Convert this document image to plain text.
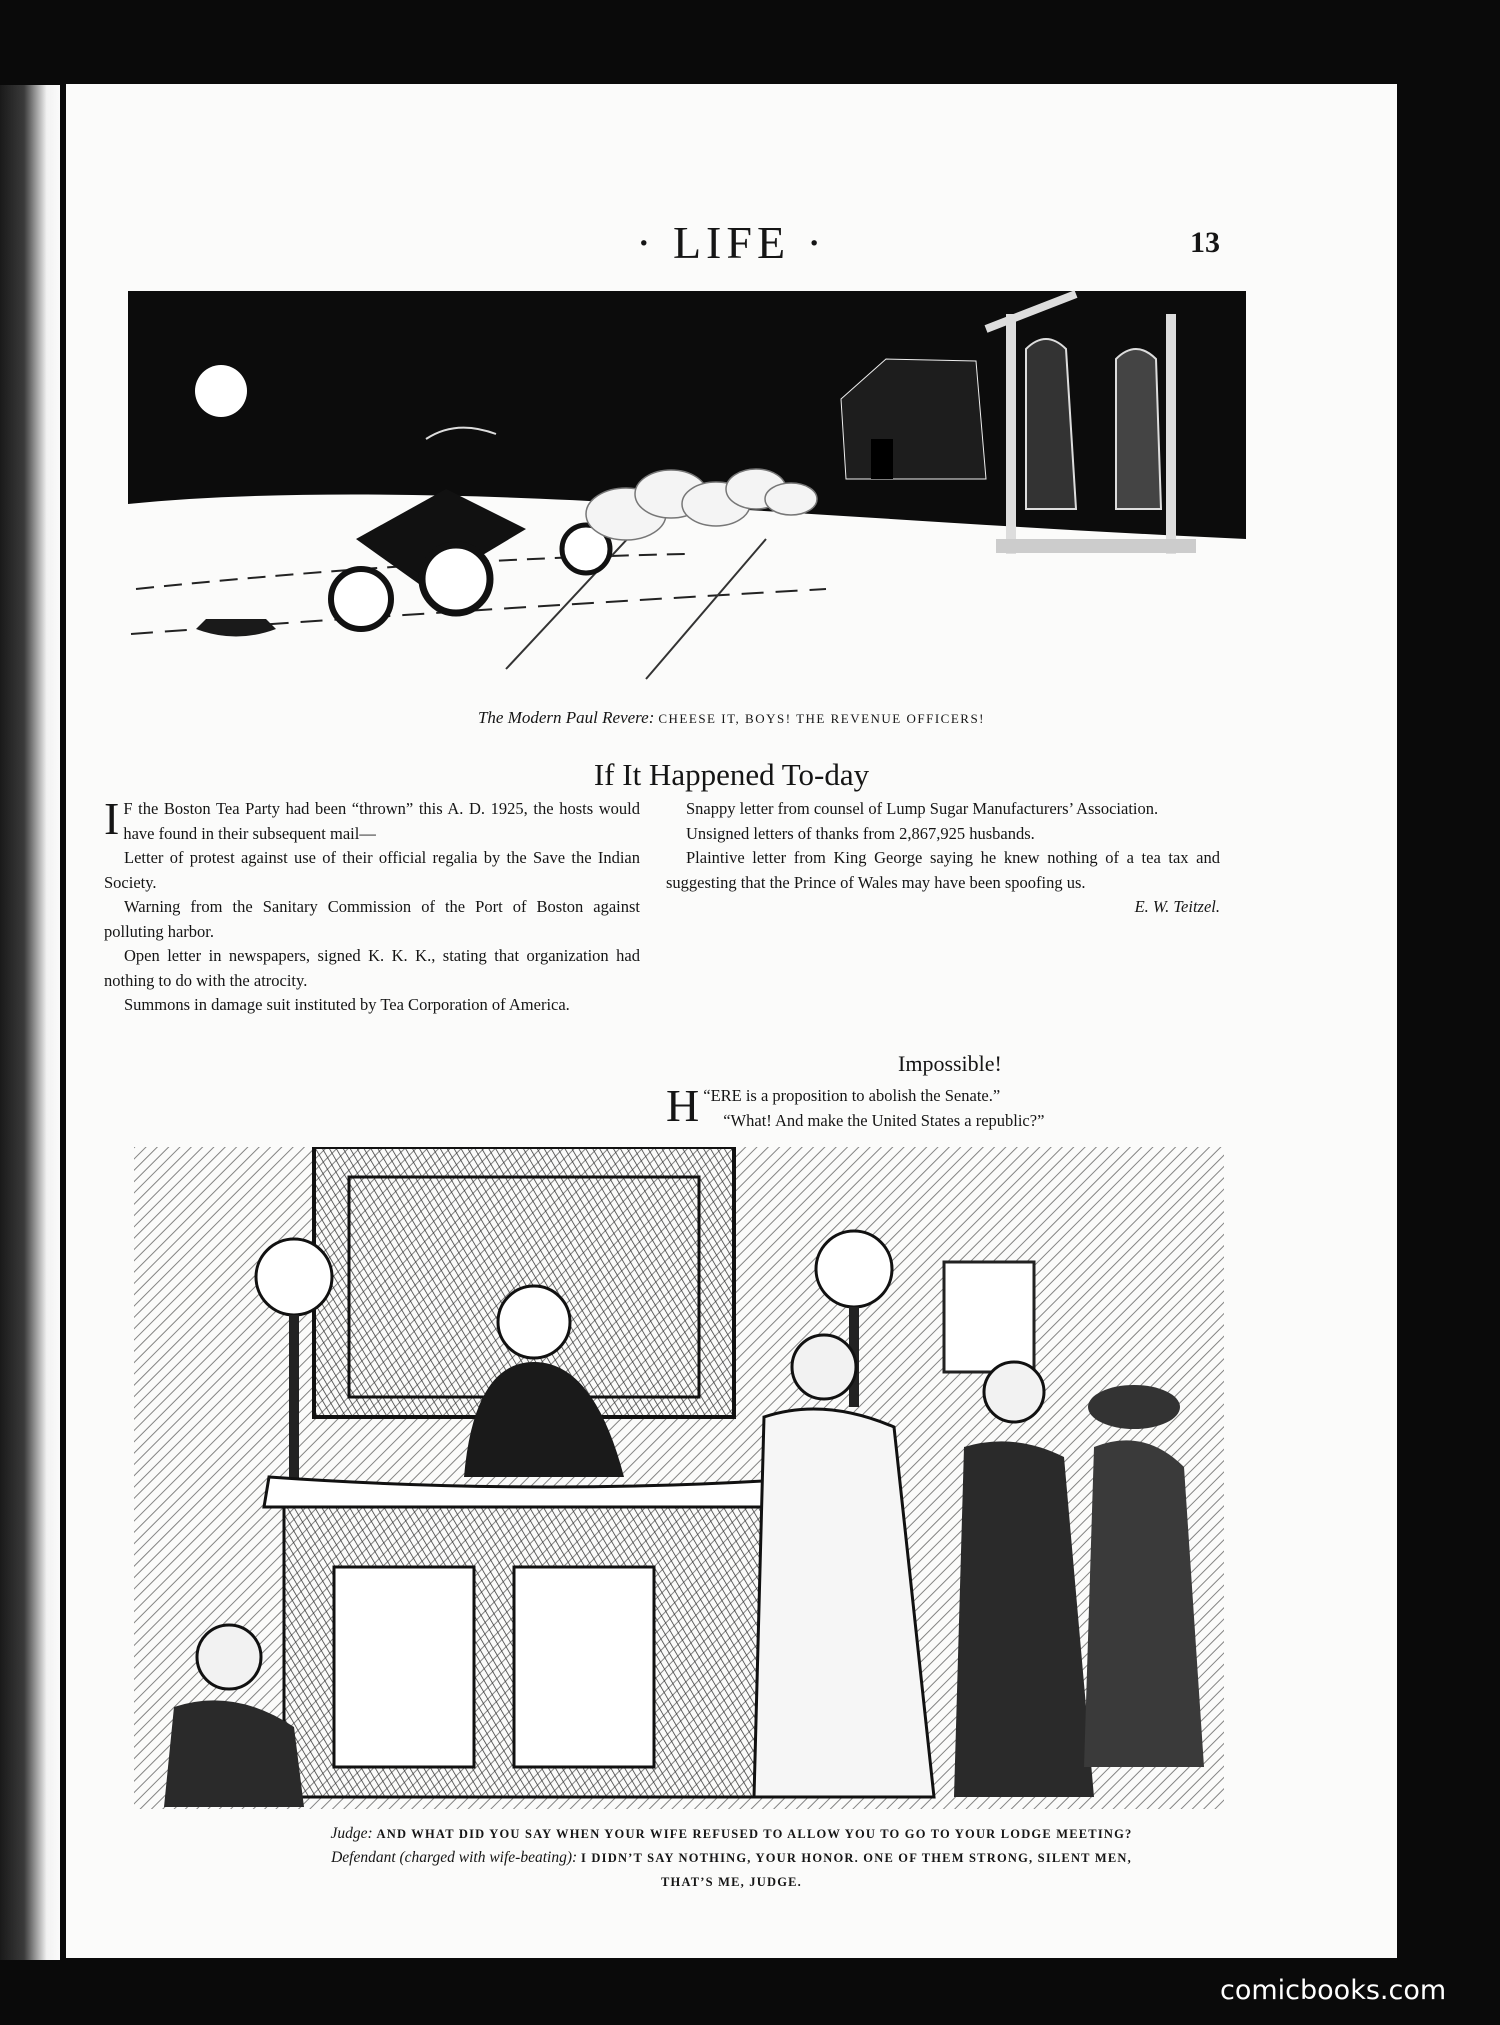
· LIFE ·	13
The Modern Paul Revere: CHEESE IT, BOYS! THE REVENUE OFFICERS!
If It Happened To-day

I F the Boston Tea Party had been “thrown” this A. D. 1925, the hosts would have found in their subsequent mail—

Letter of protest against use of their official regalia by the Save the Indian Society.

Warning from the Sanitary Commission of the Port of Boston against polluting harbor.

Open letter in newspapers, signed K. K. K., stating that organization had nothing to do with the atrocity.

Summons in damage suit instituted by Tea Corporation of America.

Snappy letter from counsel of Lump Sugar Manufacturers’ Association.

Unsigned letters of thanks from 2,867,925 husbands.

Plaintive letter from King George saying he knew nothing of a tea tax and suggesting that the Prince of Wales may have been spoofing us.

E. W. Teitzel.

Impossible!

“
H ERE is a proposition to abolish the Senate.”

“What! And make the United States a republic?”

Judge: AND WHAT DID YOU SAY WHEN YOUR WIFE REFUSED TO ALLOW YOU TO GO TO YOUR LODGE MEETING?
Defendant (charged with wife-beating): I DIDN’T SAY NOTHING, YOUR HONOR. ONE OF THEM STRONG, SILENT MEN,
THAT’S ME, JUDGE.
comicbooks.com
